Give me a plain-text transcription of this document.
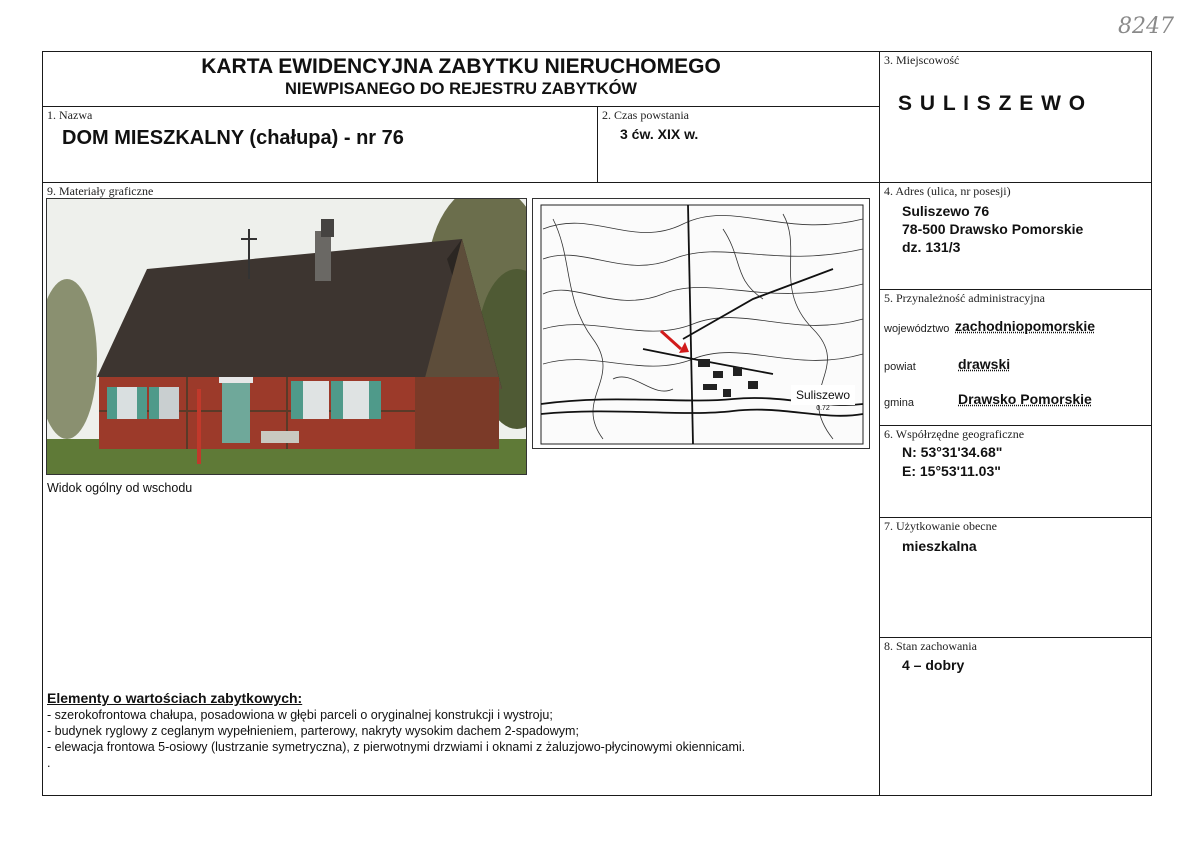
8247
KARTA EWIDENCYJNA ZABYTKU NIERUCHOMEGO
NIEWPISANEGO DO REJESTRU ZABYTKÓW
1. Nazwa
DOM MIESZKALNY (chałupa) - nr 76
2. Czas powstania
3 ćw. XIX w.
3. Miejscowość
S U L I S Z E W O
9. Materiały graficzne
Widok ogólny od wschodu
Suliszewo
0.72
Elementy o wartościach zabytkowych:
- szerokofrontowa chałupa, posadowiona w głębi parceli o oryginalnej konstrukcji i wystroju;
- budynek ryglowy z ceglanym wypełnieniem, parterowy, nakryty wysokim dachem 2-spadowym;
- elewacja frontowa 5-osiowy (lustrzanie symetryczna), z pierwotnymi drzwiami i oknami z żaluzjowo-płycinowymi okiennicami.
.
4. Adres (ulica, nr posesji)
Suliszewo 76
78-500 Drawsko Pomorskie
dz. 131/3
5. Przynależność administracyjna
województwo zachodniopomorskie
powiat	drawski
gmina	Drawsko Pomorskie
6. Współrzędne geograficzne
N: 53°31'34.68"
E: 15°53'11.03"
7. Użytkowanie obecne
mieszkalna
8. Stan zachowania
4 – dobry
